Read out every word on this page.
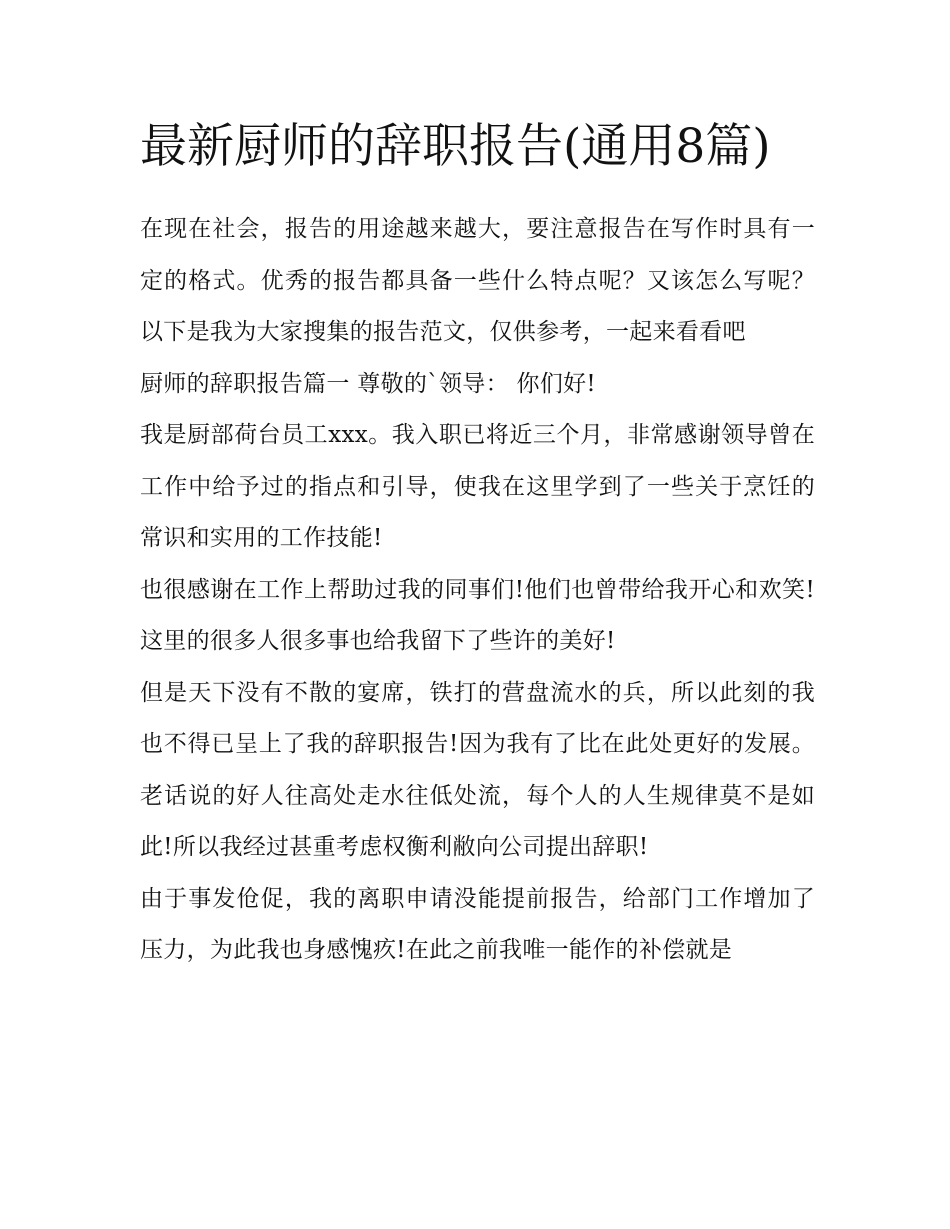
最新厨师的辞职报告(通用8篇)

在现在社会，报告的用途越来越大，要注意报告在写作时具有一定的格式。优秀的报告都具备一些什么特点呢？又该怎么写呢？以下是我为大家搜集的报告范文，仅供参考，一起来看看吧

厨师的辞职报告篇一 尊敬的`领导： 你们好!

我是厨部荷台员工xxx。我入职已将近三个月，非常感谢领导曾在工作中给予过的指点和引导，使我在这里学到了一些关于烹饪的常识和实用的工作技能!

也很感谢在工作上帮助过我的同事们!他们也曾带给我开心和欢笑!这里的很多人很多事也给我留下了些许的美好!

但是天下没有不散的宴席，铁打的营盘流水的兵，所以此刻的我也不得已呈上了我的辞职报告!因为我有了比在此处更好的发展。老话说的好人往高处走水往低处流，每个人的人生规律莫不是如此!所以我经过甚重考虑权衡利敝向公司提出辞职!

由于事发伧促，我的离职申请没能提前报告，给部门工作增加了压力，为此我也身感愧疚!在此之前我唯一能作的补偿就是
